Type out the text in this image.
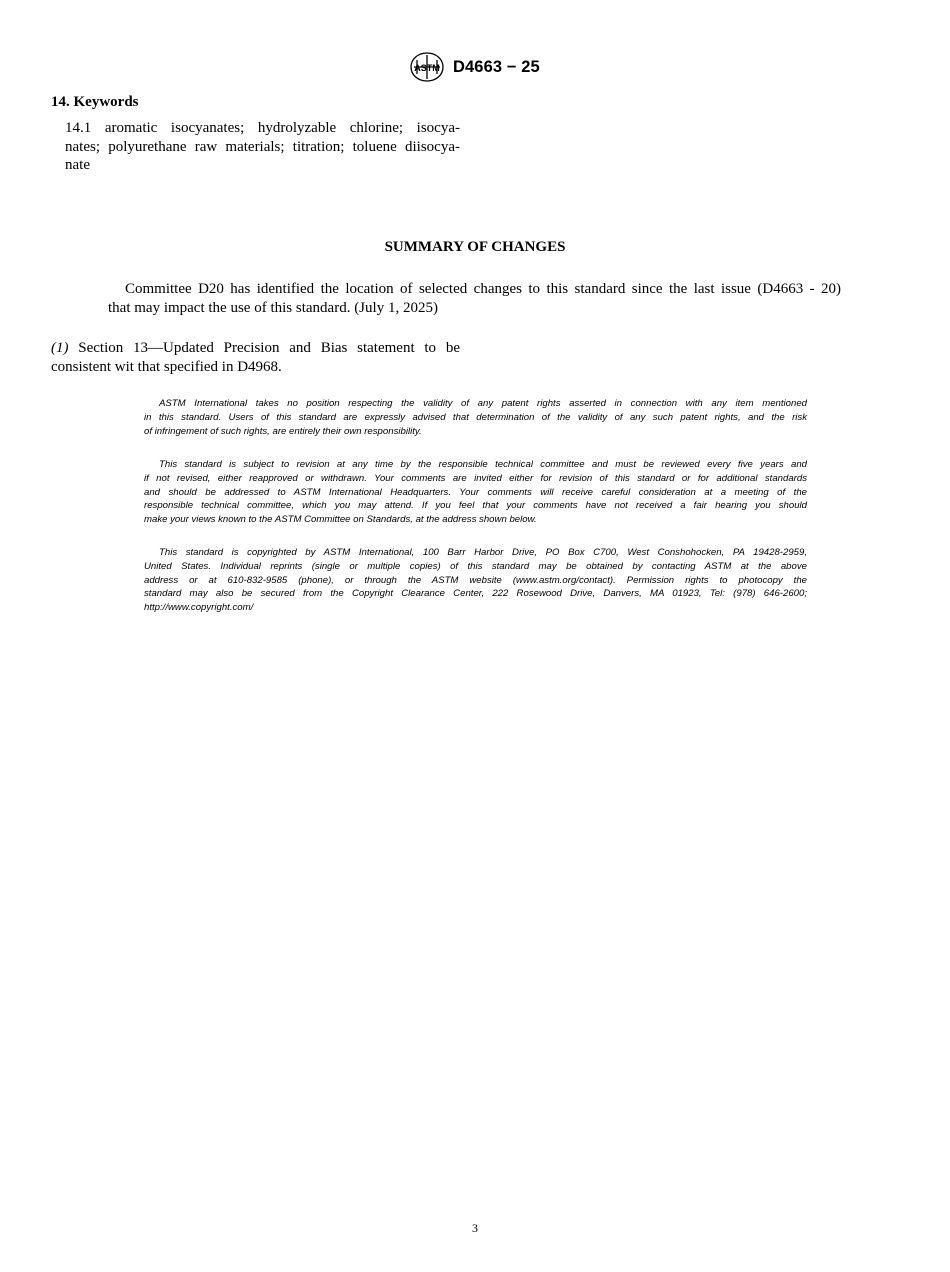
ASTM D4663 − 25
14. Keywords
14.1 aromatic isocyanates; hydrolyzable chlorine; isocya-
nates; polyurethane raw materials; titration; toluene diisocya-
nate
SUMMARY OF CHANGES
Committee D20 has identified the location of selected changes to this standard since the last issue (D4663 - 20)
that may impact the use of this standard. (July 1, 2025)
(1) Section 13—Updated Precision and Bias statement to be
consistent wit that specified in D4968.
ASTM International takes no position respecting the validity of any patent rights asserted in connection with any item mentioned
in this standard. Users of this standard are expressly advised that determination of the validity of any such patent rights, and the risk
of infringement of such rights, are entirely their own responsibility.
This standard is subject to revision at any time by the responsible technical committee and must be reviewed every five years and
if not revised, either reapproved or withdrawn. Your comments are invited either for revision of this standard or for additional standards
and should be addressed to ASTM International Headquarters. Your comments will receive careful consideration at a meeting of the
responsible technical committee, which you may attend. If you feel that your comments have not received a fair hearing you should
make your views known to the ASTM Committee on Standards, at the address shown below.
This standard is copyrighted by ASTM International, 100 Barr Harbor Drive, PO Box C700, West Conshohocken, PA 19428-2959,
United States. Individual reprints (single or multiple copies) of this standard may be obtained by contacting ASTM at the above
address or at 610-832-9585 (phone), or through the ASTM website (www.astm.org/contact). Permission rights to photocopy the
standard may also be secured from the Copyright Clearance Center, 222 Rosewood Drive, Danvers, MA 01923, Tel: (978) 646-2600;
http://www.copyright.com/
3
